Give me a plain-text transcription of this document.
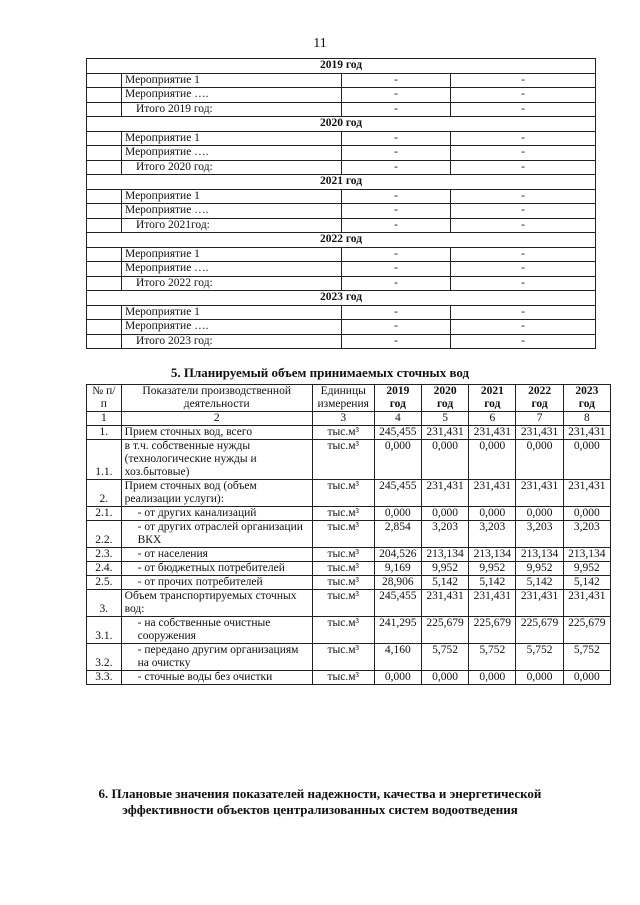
11
2019 год			
	Мероприятие 1	-	-
	Мероприятие ….	-	-
	Итого 2019 год:	-	-
2020 год			
	Мероприятие 1	-	-
	Мероприятие ….	-	-
	Итого 2020 год:	-	-
2021 год			
	Мероприятие 1	-	-
	Мероприятие ….	-	-
	Итого 2021год:	-	-
2022 год			
	Мероприятие 1	-	-
	Мероприятие ….	-	-
	Итого 2022 год:	-	-
2023 год			
	Мероприятие 1	-	-
	Мероприятие ….	-	-
	Итого 2023 год:	-	-
5. Планируемый объем принимаемых сточных вод
№ п/п	Показатели производственной деятельности	Единицы измерения	2019 год	2020 год	2021 год	2022 год	2023 год
1	2	3	4	5	6	7	8
1.	Прием сточных вод, всего	тыс.м³	245,455	231,431	231,431	231,431	231,431
1.1.	в т.ч. собственные нужды (технологические нужды и хоз.бытовые)	тыс.м³	0,000	0,000	0,000	0,000	0,000
2.	Прием сточных вод (объем реализации услуги):	тыс.м³	245,455	231,431	231,431	231,431	231,431
2.1.	- от других канализаций	тыс.м³	0,000	0,000	0,000	0,000	0,000
2.2.	- от других отраслей организации ВКХ	тыс.м³	2,854	3,203	3,203	3,203	3,203
2.3.	- от населения	тыс.м³	204,526	213,134	213,134	213,134	213,134
2.4.	- от бюджетных потребителей	тыс.м³	9,169	9,952	9,952	9,952	9,952
2.5.	- от прочих потребителей	тыс.м³	28,906	5,142	5,142	5,142	5,142
3.	Объем транспортируемых сточных вод:	тыс.м³	245,455	231,431	231,431	231,431	231,431
3.1.	- на собственные очистные сооружения	тыс.м³	241,295	225,679	225,679	225,679	225,679
3.2.	- передано другим организациям на очистку	тыс.м³	4,160	5,752	5,752	5,752	5,752
3.3.	- сточные воды без очистки	тыс.м³	0,000	0,000	0,000	0,000	0,000
6. Плановые значения показателей надежности, качества и энергетической
эффективности объектов централизованных систем водоотведения
